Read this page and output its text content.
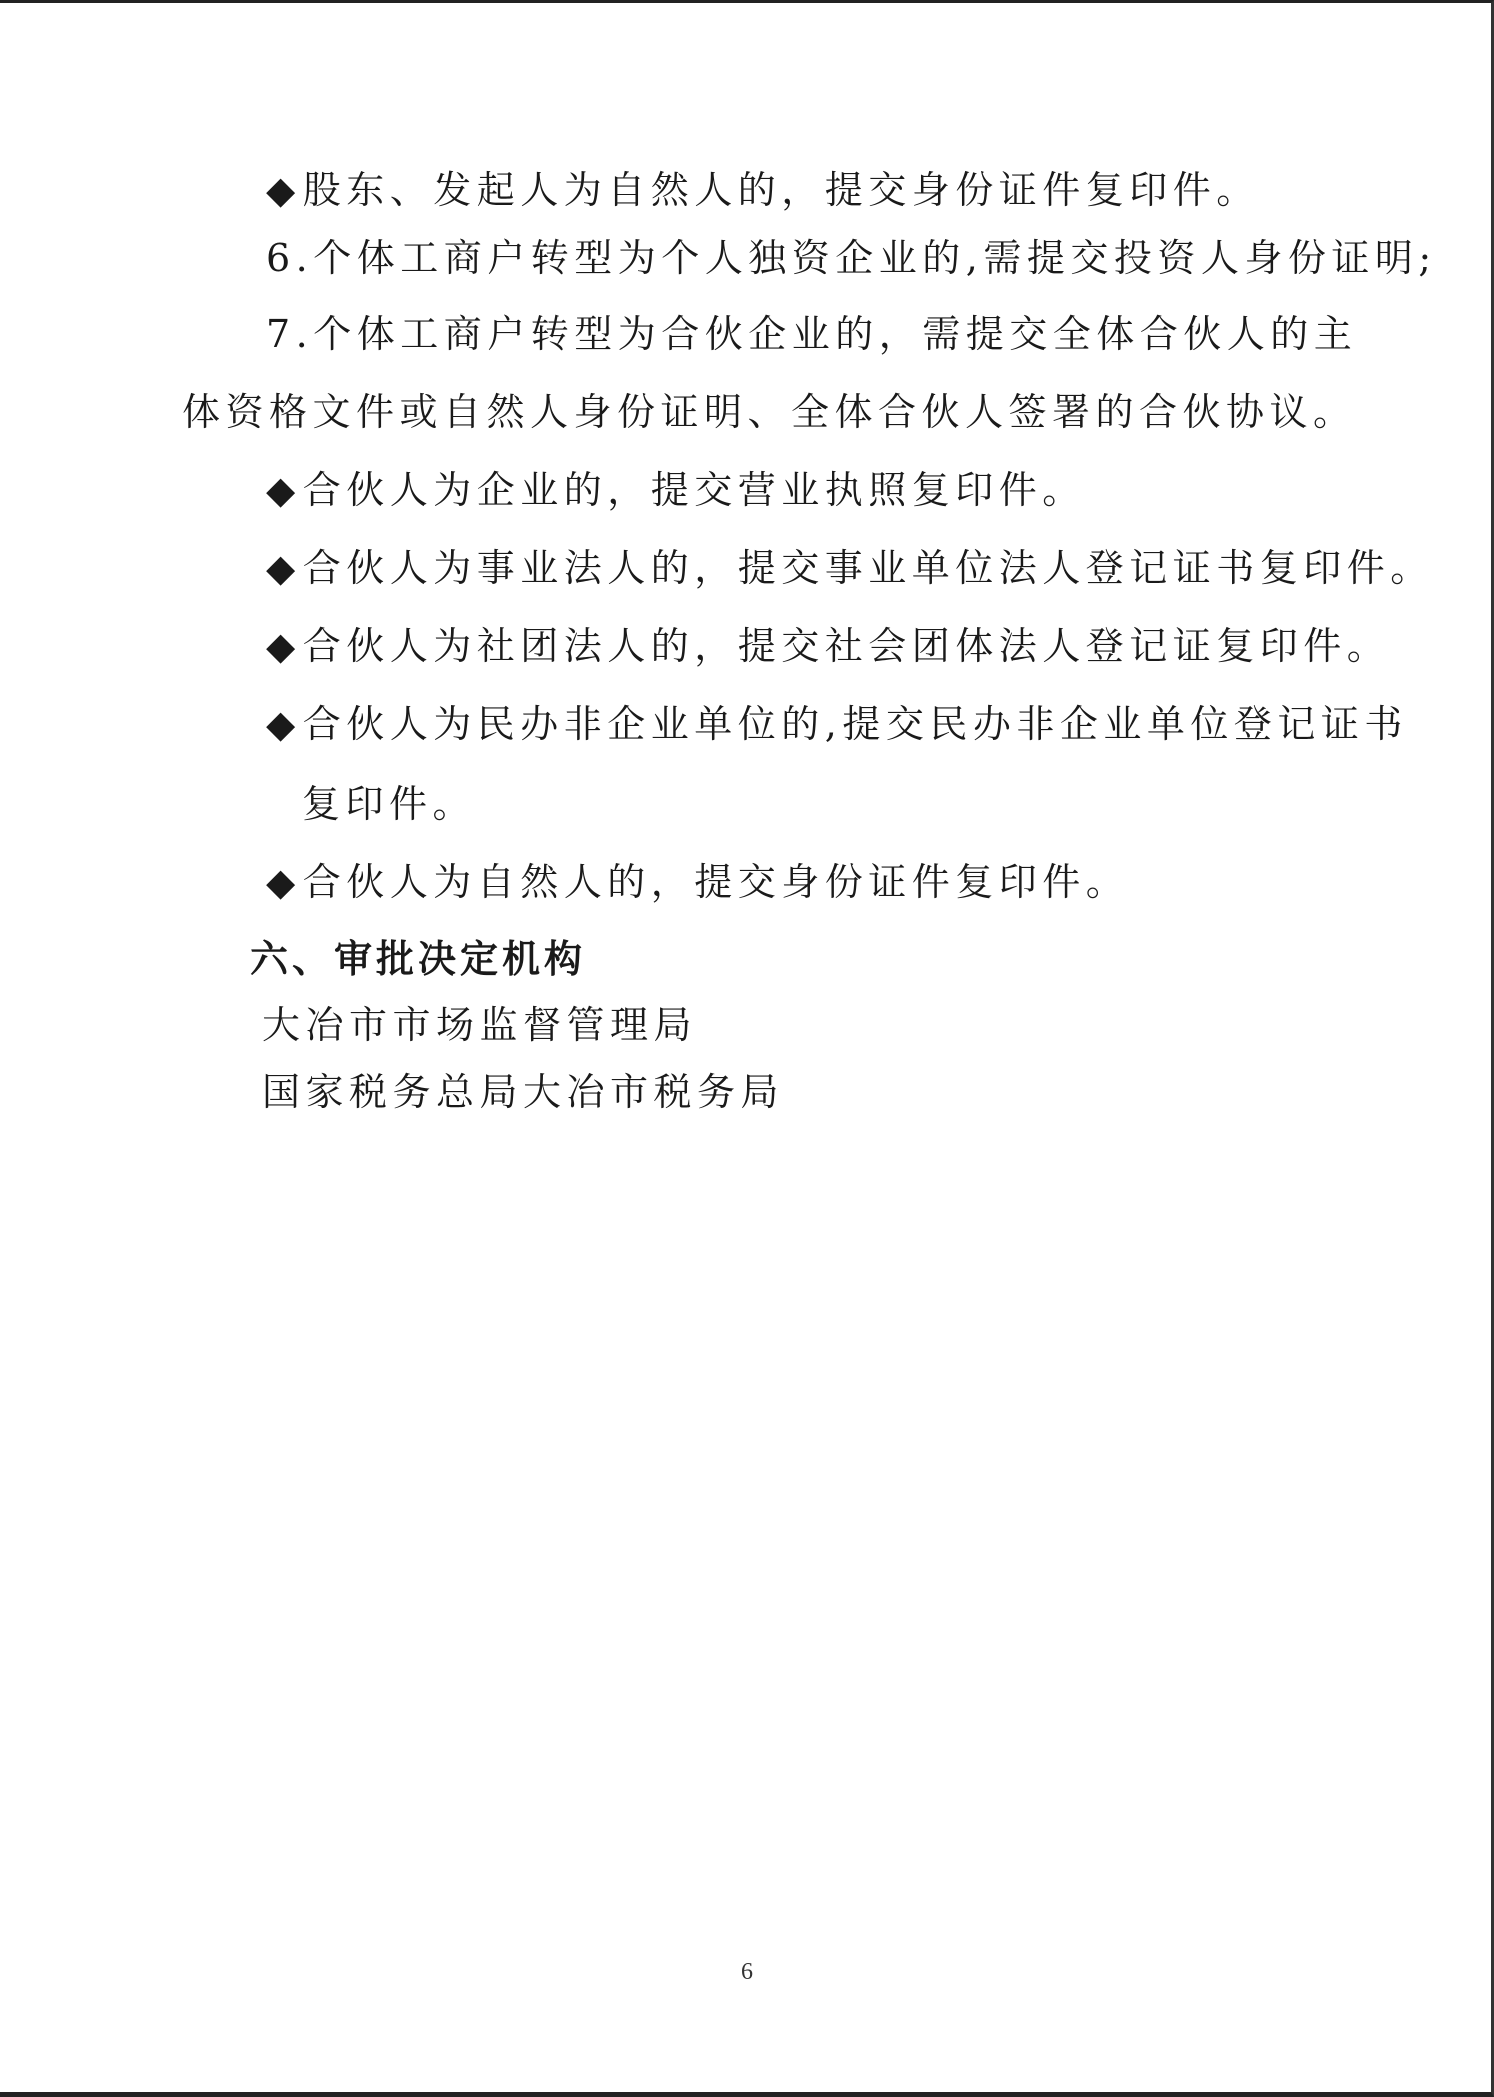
◆股东、发起人为自然人的，提交身份证件复印件。
6.个体工商户转型为个人独资企业的,需提交投资人身份证明;
7.个体工商户转型为合伙企业的，需提交全体合伙人的主
体资格文件或自然人身份证明、全体合伙人签署的合伙协议。
◆合伙人为企业的，提交营业执照复印件。
◆合伙人为事业法人的，提交事业单位法人登记证书复印件。
◆合伙人为社团法人的，提交社会团体法人登记证复印件。
◆合伙人为民办非企业单位的,提交民办非企业单位登记证书
复印件。
◆合伙人为自然人的，提交身份证件复印件。
六、审批决定机构
大冶市市场监督管理局
国家税务总局大冶市税务局
6
